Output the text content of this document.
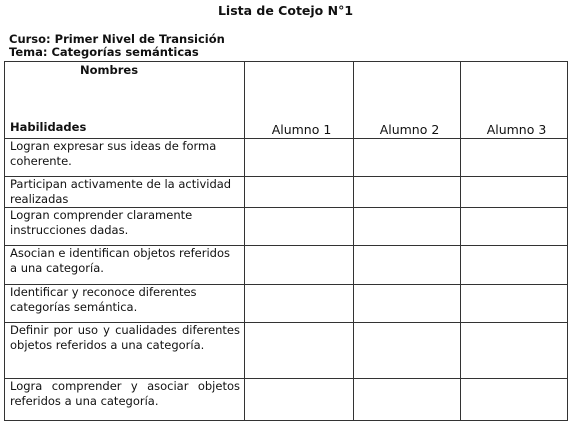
Lista de Cotejo N°1
Curso: Primer Nivel de Transición
Tema: Categorías semánticas
Nombres
Habilidades	Alumno 1	Alumno 2	Alumno 3
Logran expresar sus ideas de forma coherente.			
Participan activamente de la actividad realizadas			
Logran comprender claramente instrucciones dadas.			
Asocian e identifican objetos referidos a una categoría.			
Identificar y reconoce diferentes categorías semántica.			
Definir por uso y cualidades diferentes objetos referidos a una categoría.			
Logra comprender y asociar objetos referidos a una categoría.			
